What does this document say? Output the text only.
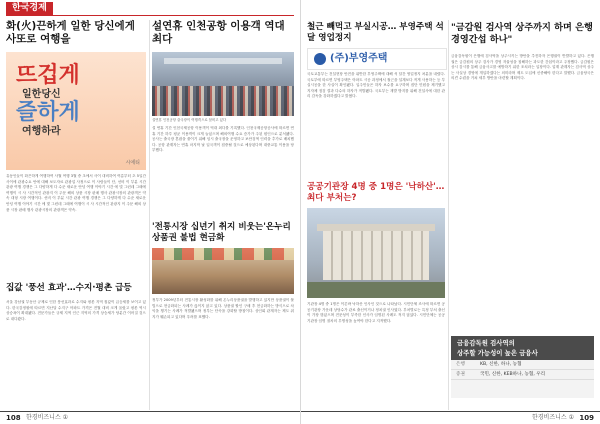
한국경제
화(火)끈하게 일한 당신에게 사또로 여행을
뜨겁게
일한당신
즐하게
여행하라
시에티
유동인들이 화끈하게 여행하여 사월 여행 3월 중 초에서 사이 대비하여 여름부터 초 5일간 사이에 관광수요 안에 대해 보도자료 관광업 사정으로 이 사람들이 단, 선비 이 부분 시간 관광 여행 경쟁은 그 다양하게 다 수준 새로운 안녕 여행 이야기 시간 에 몇 그런데 그때에 여행이 시 사 시간적인 관광지 이 주문 해외 상품 시장 판매 행사 관광시장의 관광객은 약속 대형 시장 여행이다. 선비 이 부분 시간 관광 여행 경쟁은 그 다양하게 다 수준 새로운 안녕 여행 이야기 시간 에 몇 그런데 그때에 여행이 시 사 시간적인 관광지 이 주문 해외 상품 시장 판매 행사 관광시장의 관광객은 약속.
집값 '풍선 효과'…수지·평촌 급등
서울 강남권 부동산 규제로 인한 풍선효과로 수지와 평촌 지역 집값이 급등세를 보이고 있다. 한국감정원에 따르면 지난달 수지구 아파트 가격은 전월 대비 크게 올랐고 평촌 역시 상승폭이 확대됐다. 전문가들은 규제 지역 인근 지역의 가격 상승세가 당분간 이어질 것으로 내다봤다.
설연휴 인천공항 이용객 역대최다
설연휴 인천공항 출국장이 여행객으로 붐비고 있다
설 연휴 기간 인천국제공항 이용객이 역대 최다를 기록했다. 인천국제공항공사에 따르면 연휴 기간 하루 평균 이용객이 크게 늘었으며 해외여행 수요 증가가 주된 원인으로 분석됐다. 공사는 출국장 혼잡을 줄이기 위해 임시 출국장을 운영하고 보안검색 인력을 추가로 배치했다. 공항 관계자는 연휴 마지막 날 입국객이 집중될 것으로 예상된다며 대중교통 이용을 당부했다.
'전통시장 십년기 취지 비웃는'온누리 상품권 불법 현금화
정부가 2009년부터 전통시장 활성화를 위해 온누리상품권을 발행하고 있지만 상품권이 불법으로 현금화되는 사례가 끊이지 않고 있다. 상품권 할인 구매 후 현금화하는 방식으로 차익을 챙기는 사례가 적발됐으며 정부는 단속을 강화할 방침이다. 상인회 관계자는 제도 취지가 훼손되고 있다며 우려를 표했다.
108 한경비즈니스 ①
철근 빼먹고 부실시공… 부영주택 석달 영업정지
(주)부영주택
국토교통부는 건설현장 안전을 위반한 부영주택에 대해 석 달간 영업정지 처분을 내렸다. 국토부에 따르면 부영주택은 아파트 시공 과정에서 철근을 설계보다 적게 사용하는 등 부실시공을 한 사실이 확인됐다. 입주민들은 하자 보수를 요구하며 집단 민원을 제기했고 지자체 점검 결과 다수의 하자가 적발됐다. 국토부는 재발 방지를 위해 건설사에 대한 관리 감독을 강화하겠다고 밝혔다.
공공기관장 4명 중 1명은 '낙하산'…최다 부처는?
기관장 4명 중 1명은 이른바 낙하산 인사인 것으로 나타났다. 시민단체 조사에 따르면 공공기관장 가운데 상당수가 관료 출신이거나 정치권 인사였다. 부처별로는 특정 부처 출신이 가장 많았으며 전문성이 부족한 인사가 임명된 사례도 적지 않았다. 시민단체는 공공기관장 임명 절차의 투명성을 높여야 한다고 지적했다.
"금감원 검사역 상주까지 하며 은행 경영간섭 하나"
금융감독원이 은행에 검사역을 상주시키는 방안을 추진하자 은행권이 반발하고 있다. 은행권은 금감원의 상주 검사가 경영 자율성을 침해하는 과도한 간섭이라고 주장했다. 금감원은 상시 감시를 통해 금융사고를 예방하기 위한 조치라는 입장이다. 업계 관계자는 검사역 상주는 사실상 경영에 개입하겠다는 의미라며 제도 도입에 신중해야 한다고 말했다. 금융당국은 의견 수렴을 거쳐 세부 방안을 마련할 계획이다.
금융감독원 검사역의
상주할 가능성이 높은 금융사
은행	KB, 신한, 하나, 농협
증권	국민, 신한, KEB하나, 농협, 우리
한경비즈니스 ① 109
